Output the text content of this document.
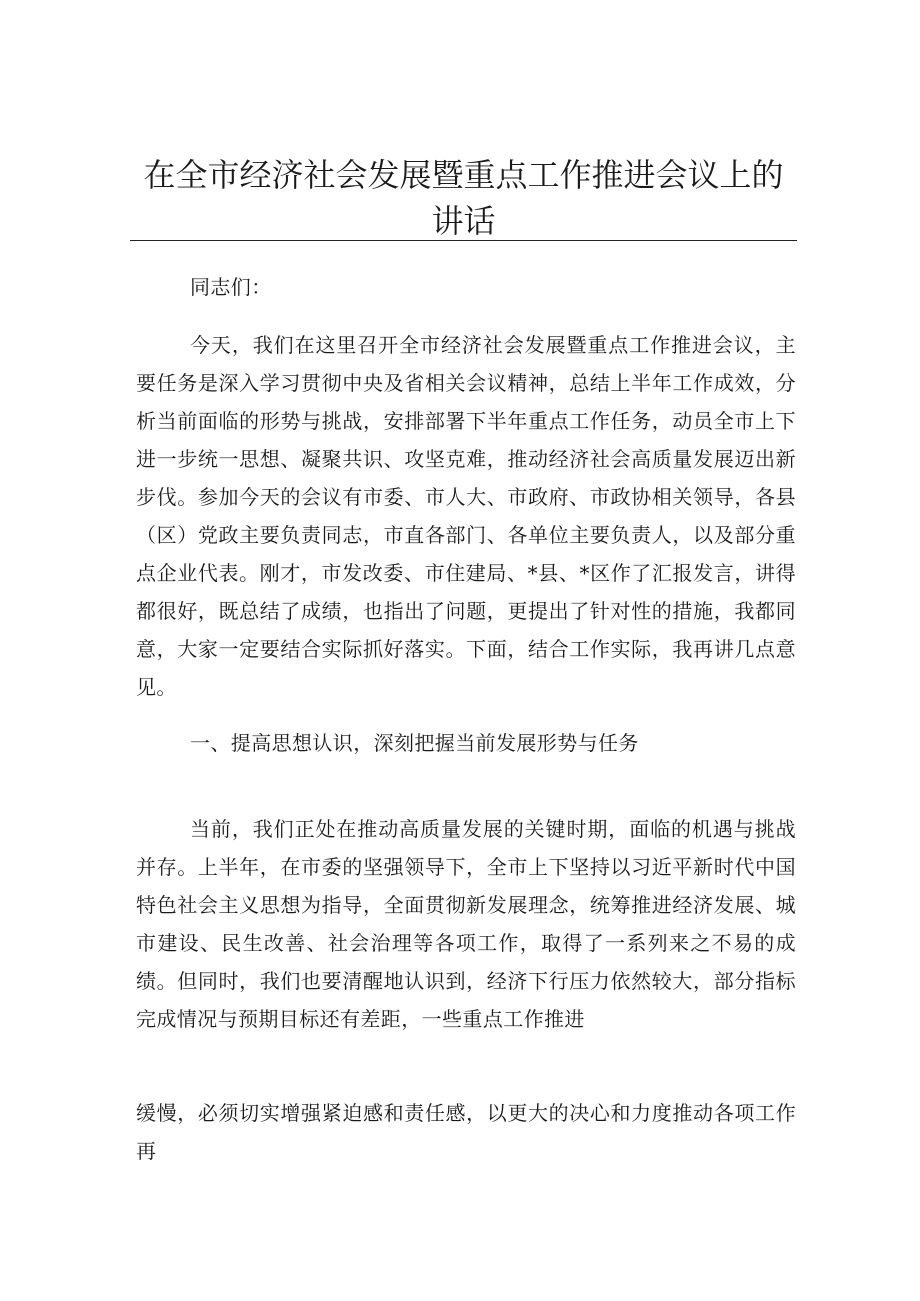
在全市经济社会发展暨重点工作推进会议上的
讲话

同志们：

今天，我们在这里召开全市经济社会发展暨重点工作推进会议，主要任务是深入学习贯彻中央及省相关会议精神，总结上半年工作成效，分析当前面临的形势与挑战，安排部署下半年重点工作任务，动员全市上下进一步统一思想、凝聚共识、攻坚克难，推动经济社会高质量发展迈出新步伐。参加今天的会议有市委、市人大、市政府、市政协相关领导，各县（区）党政主要负责同志，市直各部门、各单位主要负责人，以及部分重点企业代表。刚才，市发改委、市住建局、*县、*区作了汇报发言，讲得都很好，既总结了成绩，也指出了问题，更提出了针对性的措施，我都同意，大家一定要结合实际抓好落实。下面，结合工作实际，我再讲几点意见。

一、提高思想认识，深刻把握当前发展形势与任务

当前，我们正处在推动高质量发展的关键时期，面临的机遇与挑战并存。上半年，在市委的坚强领导下，全市上下坚持以习近平新时代中国特色社会主义思想为指导，全面贯彻新发展理念，统筹推进经济发展、城市建设、民生改善、社会治理等各项工作，取得了一系列来之不易的成绩。但同时，我们也要清醒地认识到，经济下行压力依然较大，部分指标完成情况与预期目标还有差距，一些重点工作推进

缓慢，必须切实增强紧迫感和责任感，以更大的决心和力度推动各项工作再
